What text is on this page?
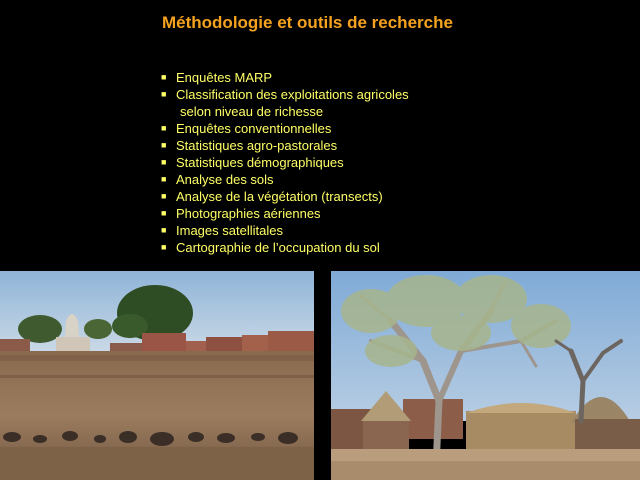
Méthodologie et outils de recherche
■ Enquêtes MARP
■ Classification des exploitations agricoles
selon niveau de richesse
■ Enquêtes conventionnelles
■ Statistiques agro-pastorales
■ Statistiques démographiques
■ Analyse des sols
■ Analyse de la végétation (transects)
■ Photographies aériennes
■ Images satellitales
■ Cartographie de l’occupation du sol
